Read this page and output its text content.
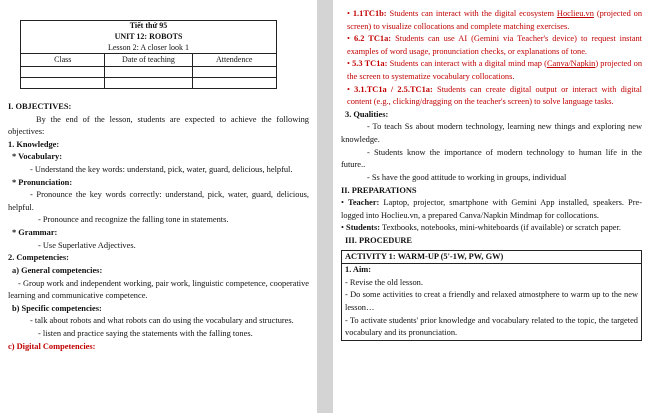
Tiết thứ 95
UNIT 12: ROBOTS
Lesson 2: A closer look 1		

Class	Date of teaching	Attendence

I. OBJECTIVES:

By the end of the lesson, students are expected to achieve the following objectives:

1. Knowledge:

* Vocabulary:

- Understand the key words: understand, pick, water, guard, delicious, helpful.

* Pronunciation:

- Pronounce the key words correctly: understand, pick, water, guard, delicious, helpful.

- Pronounce and recognize the falling tone in statements.

* Grammar:

- Use Superlative Adjectives.

2. Competencies:

a) General competencies:

- Group work and independent working, pair work, linguistic competence, cooperative learning and communicative competence.

b) Specific competencies:

- talk about robots and what robots can do using the vocabulary and structures.

- listen and practice saying the statements with the falling tones.

c) Digital Competencies:

• 1.1TC1b: Students can interact with the digital ecosystem Hoclieu.vn (projected on screen) to visualize collocations and complete matching exercises.

• 6.2 TC1a: Students can use AI (Gemini via Teacher's device) to request instant examples of word usage, pronunciation checks, or explanations of tone.

• 5.3 TC1a: Students can interact with a digital mind map (Canva/Napkin) projected on the screen to systematize vocabulary collocations.

• 3.1.TC1a / 2.5.TC1a: Students can create digital output or interact with digital content (e.g., clicking/dragging on the teacher's screen) to solve language tasks.

3. Qualities:

- To teach Ss about modern technology, learning new things and exploring new knowledge.

- Students know the importance of modern technology to human life in the future..

- Ss have the good attitude to working in groups, individual

II. PREPARATIONS

• Teacher: Laptop, projector, smartphone with Gemini App installed, speakers. Pre-logged into Hoclieu.vn, a prepared Canva/Napkin Mindmap for collocations.

• Students: Textbooks, notebooks, mini-whiteboards (if available) or scratch paper.

III. PROCEDURE

ACTIVITY 1: WARM-UP (5'-1W, PW, GW)

1. Aim:

- Revise the old lesson.

- Do some activities to creat a friendly and relaxed atmostphere to warm up to the new lesson…

- To activate students' prior knowledge and vocabulary related to the topic, the targeted vocabulary and its pronunciation.
